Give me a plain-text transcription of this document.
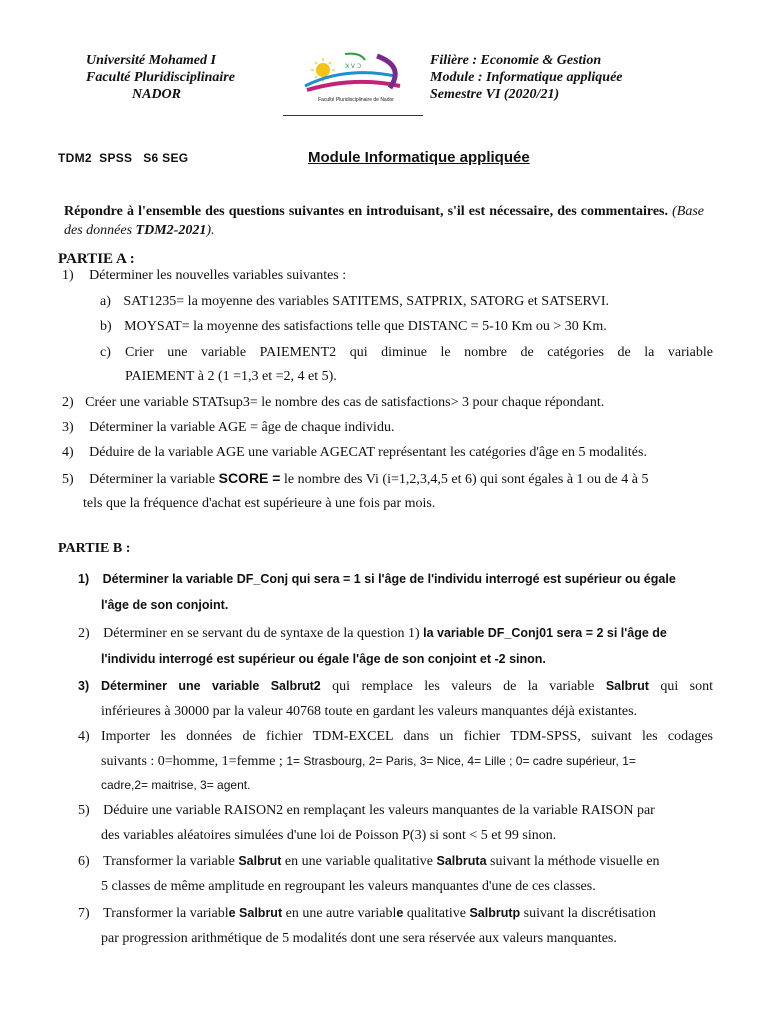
Université Mohamed I
Faculté Pluridisciplinaire
NADOR
ꓘ ꓦ ꓛ
Faculté Pluridisciplinaire de Nador
Filière : Economie & Gestion
Module : Informatique appliquée
Semestre VI (2020/21)
TDM2  SPSS   S6 SEG	Module Informatique appliquée
Répondre à l'ensemble des questions suivantes en introduisant, s'il est nécessaire, des commentaires. (Base des données TDM2-2021).
PARTIE A :
1) Déterminer les nouvelles variables suivantes :
a) SAT1235= la moyenne des variables SATITEMS, SATPRIX, SATORG et SATSERVI.
b) MOYSAT= la moyenne des satisfactions telle que DISTANC = 5-10 Km ou > 30 Km.
c) Crier une variable PAIEMENT2 qui diminue le nombre de catégories de la variable
PAIEMENT à 2 (1 =1,3 et =2, 4 et 5).
2) Créer une variable STATsup3= le nombre des cas de satisfactions> 3 pour chaque répondant.
3) Déterminer la variable AGE = âge de chaque individu.
4) Déduire de la variable AGE une variable AGECAT représentant les catégories d'âge en 5 modalités.
5) Déterminer la variable SCORE = le nombre des Vi (i=1,2,3,4,5 et 6) qui sont égales à 1 ou de 4 à 5
tels que la fréquence d'achat est supérieure à une fois par mois.
PARTIE B :
1) Déterminer la variable DF_Conj qui sera = 1 si l'âge de l'individu interrogé est supérieur ou égale
l'âge de son conjoint.
2) Déterminer en se servant du de syntaxe de la question 1) la variable DF_Conj01 sera = 2 si l'âge de
l'individu interrogé est supérieur ou égale l'âge de son conjoint et -2 sinon.
3) Déterminer une variable Salbrut2 qui remplace les valeurs de la variable Salbrut qui sont
inférieures à 30000 par la valeur 40768 toute en gardant les valeurs manquantes déjà existantes.
4) Importer les données de fichier TDM-EXCEL dans un fichier TDM-SPSS, suivant les codages
suivants : 0=homme, 1=femme ; 1= Strasbourg, 2= Paris, 3= Nice, 4= Lille ; 0= cadre supérieur, 1=
cadre,2= maitrise, 3= agent.
5) Déduire une variable RAISON2 en remplaçant les valeurs manquantes de la variable RAISON par
des variables aléatoires simulées d'une loi de Poisson P(3) si sont < 5 et 99 sinon.
6) Transformer la variable Salbrut en une variable qualitative Salbruta suivant la méthode visuelle en
5 classes de même amplitude en regroupant les valeurs manquantes d'une de ces classes.
7) Transformer la variable Salbrut en une autre variable qualitative Salbrutp suivant la discrétisation
par progression arithmétique de 5 modalités dont une sera réservée aux valeurs manquantes.
